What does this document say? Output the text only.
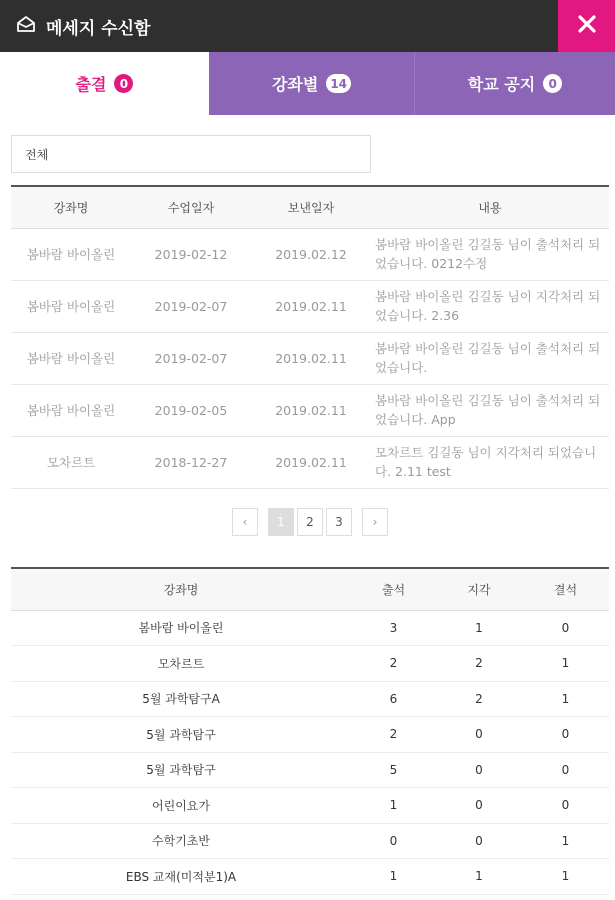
메세지 수신함
출결	0	강좌별	14	학교 공지	0
전체
강좌명	수업일자	보낸일자	내용
봄바람 바이올린	2019-02-12	2019.02.12	봄바람 바이올린 김길동 님이 출석처리 되었습니다. 0212수정
봄바람 바이올린	2019-02-07	2019.02.11	봄바람 바이올린 김길동 님이 지각처리 되었습니다. 2.36
봄바람 바이올린	2019-02-07	2019.02.11	봄바람 바이올린 김길동 님이 출석처리 되었습니다.
봄바람 바이올린	2019-02-05	2019.02.11	봄바람 바이올린 김길동 님이 출석처리 되었습니다. App
모차르트	2018-12-27	2019.02.11	모차르트 김길동 님이 지각처리 되었습니다. 2.11 test
‹	1	2	3	›
강좌명	출석	지각	결석
봄바람 바이올린	3	1	0
모차르트	2	2	1
5월 과학탐구A	6	2	1
5월 과학탐구	2	0	0
5월 과학탐구	5	0	0
어린이요가	1	0	0
수학기초반	0	0	1
EBS 교재(미적분1)A	1	1	1
